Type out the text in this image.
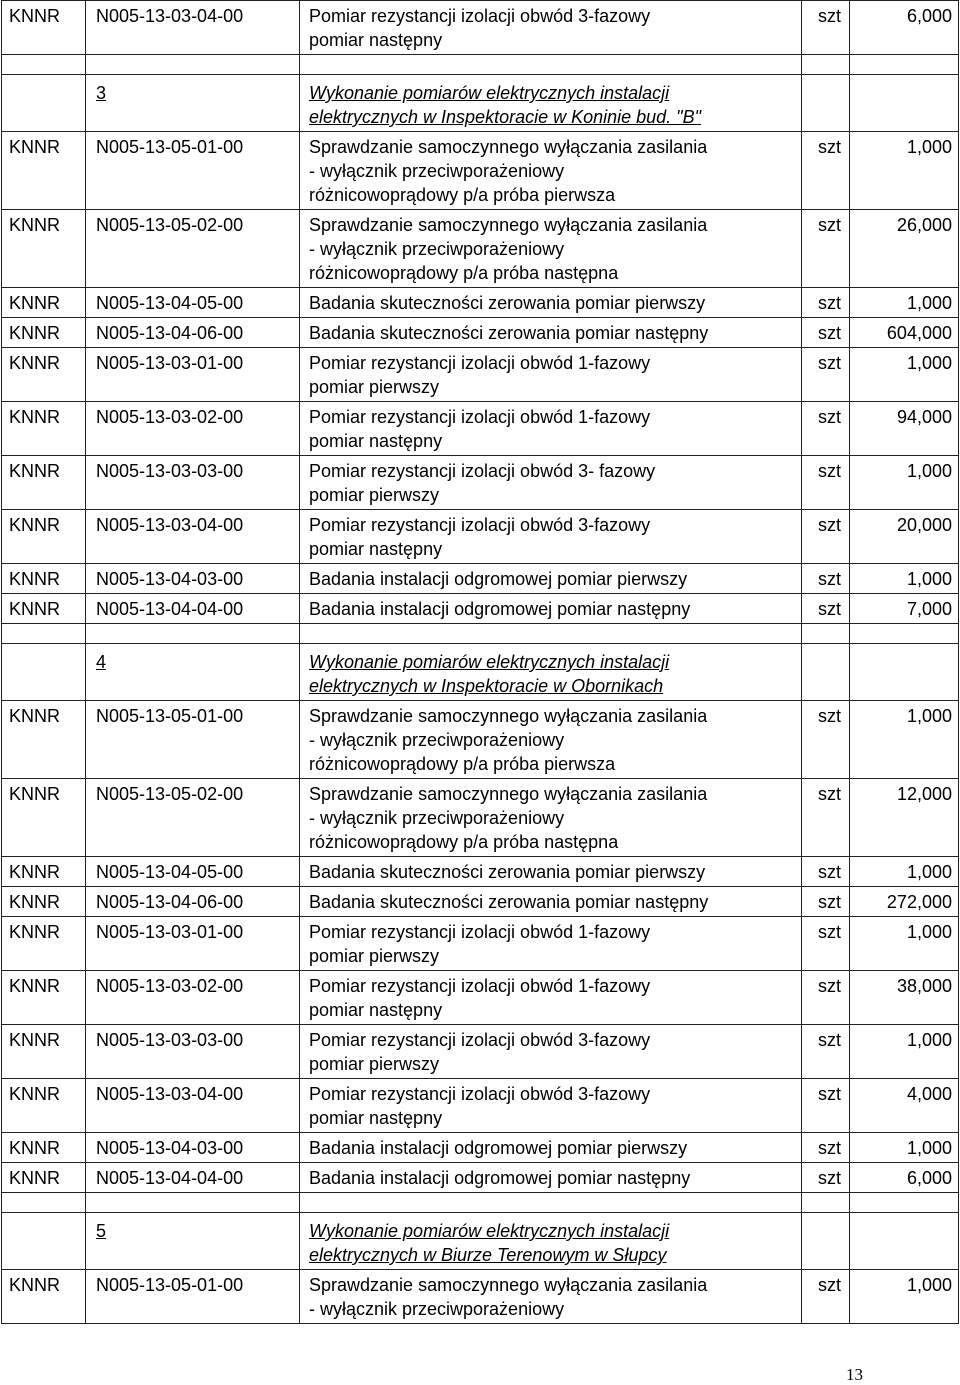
KNNR	N005-13-03-04-00	Pomiar rezystancji izolacji obwód 3-fazowy
pomiar następny
szt	6,000
3	Wykonanie pomiarów elektrycznych instalacji
elektrycznych w Inspektoracie w Koninie bud. "B"
KNNR	N005-13-05-01-00	Sprawdzanie samoczynnego wyłączania zasilania
- wyłącznik przeciwporażeniowy
różnicowoprądowy p/a próba pierwsza
szt	1,000
KNNR	N005-13-05-02-00	Sprawdzanie samoczynnego wyłączania zasilania
- wyłącznik przeciwporażeniowy
różnicowoprądowy p/a próba następna
szt	26,000
KNNR	N005-13-04-05-00	Badania skuteczności zerowania pomiar pierwszy	szt	1,000
KNNR	N005-13-04-06-00	Badania skuteczności zerowania pomiar następny	szt	604,000
KNNR	N005-13-03-01-00	Pomiar rezystancji izolacji obwód 1-fazowy
pomiar pierwszy
szt	1,000
KNNR	N005-13-03-02-00	Pomiar rezystancji izolacji obwód 1-fazowy
pomiar następny
szt	94,000
KNNR	N005-13-03-03-00	Pomiar rezystancji izolacji obwód 3- fazowy
pomiar pierwszy
szt	1,000
KNNR	N005-13-03-04-00	Pomiar rezystancji izolacji obwód 3-fazowy
pomiar następny
szt	20,000
KNNR	N005-13-04-03-00	Badania instalacji odgromowej pomiar pierwszy	szt	1,000
KNNR	N005-13-04-04-00	Badania instalacji odgromowej pomiar następny	szt	7,000
4	Wykonanie pomiarów elektrycznych instalacji
elektrycznych w Inspektoracie w Obornikach
KNNR	N005-13-05-01-00	Sprawdzanie samoczynnego wyłączania zasilania
- wyłącznik przeciwporażeniowy
różnicowoprądowy p/a próba pierwsza
szt	1,000
KNNR	N005-13-05-02-00	Sprawdzanie samoczynnego wyłączania zasilania
- wyłącznik przeciwporażeniowy
różnicowoprądowy p/a próba następna
szt	12,000
KNNR	N005-13-04-05-00	Badania skuteczności zerowania pomiar pierwszy	szt	1,000
KNNR	N005-13-04-06-00	Badania skuteczności zerowania pomiar następny	szt	272,000
KNNR	N005-13-03-01-00	Pomiar rezystancji izolacji obwód 1-fazowy
pomiar pierwszy
szt	1,000
KNNR	N005-13-03-02-00	Pomiar rezystancji izolacji obwód 1-fazowy
pomiar następny
szt	38,000
KNNR	N005-13-03-03-00	Pomiar rezystancji izolacji obwód 3-fazowy
pomiar pierwszy
szt	1,000
KNNR	N005-13-03-04-00	Pomiar rezystancji izolacji obwód 3-fazowy
pomiar następny
szt	4,000
KNNR	N005-13-04-03-00	Badania instalacji odgromowej pomiar pierwszy	szt	1,000
KNNR	N005-13-04-04-00	Badania instalacji odgromowej pomiar następny	szt	6,000
5	Wykonanie pomiarów elektrycznych instalacji
elektrycznych w Biurze Terenowym w Słupcy
KNNR	N005-13-05-01-00	Sprawdzanie samoczynnego wyłączania zasilania
- wyłącznik przeciwporażeniowy
szt	1,000
13
